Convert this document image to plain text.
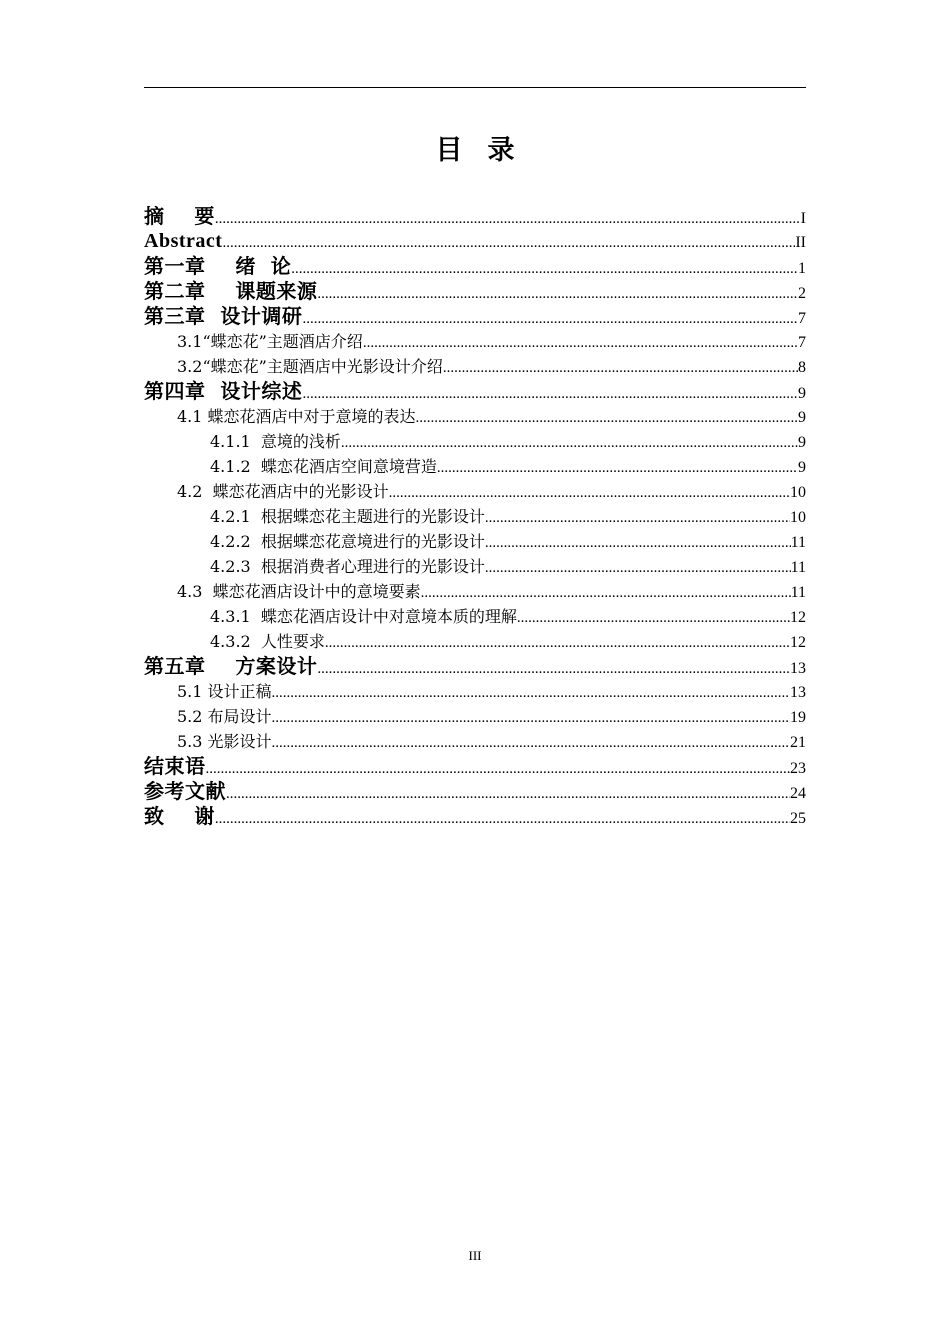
目录
摘    要 .....	I
Abstract .....	II
第一章    绪  论 .....	1
第二章    课题来源 .....	2
第三章  设计调研 .....	7
3.1“蝶恋花”主题酒店介绍 .....	7
3.2“蝶恋花”主题酒店中光影设计介绍 .....	8
第四章  设计综述 .....	9
4.1 蝶恋花酒店中对于意境的表达 .....	9
4.1.1  意境的浅析 .....	9
4.1.2  蝶恋花酒店空间意境营造 .....	9
4.2  蝶恋花酒店中的光影设计 .....	10
4.2.1  根据蝶恋花主题进行的光影设计 .....	10
4.2.2  根据蝶恋花意境进行的光影设计 .....	11
4.2.3  根据消费者心理进行的光影设计 .....	11
4.3  蝶恋花酒店设计中的意境要素 .....	11
4.3.1  蝶恋花酒店设计中对意境本质的理解 .....	12
4.3.2  人性要求 .....	12
第五章    方案设计 .....	13
5.1 设计正稿 .....	13
5.2 布局设计 .....	19
5.3 光影设计 .....	21
结束语 .....	23
参考文献 .....	24
致    谢 .....	25
III
